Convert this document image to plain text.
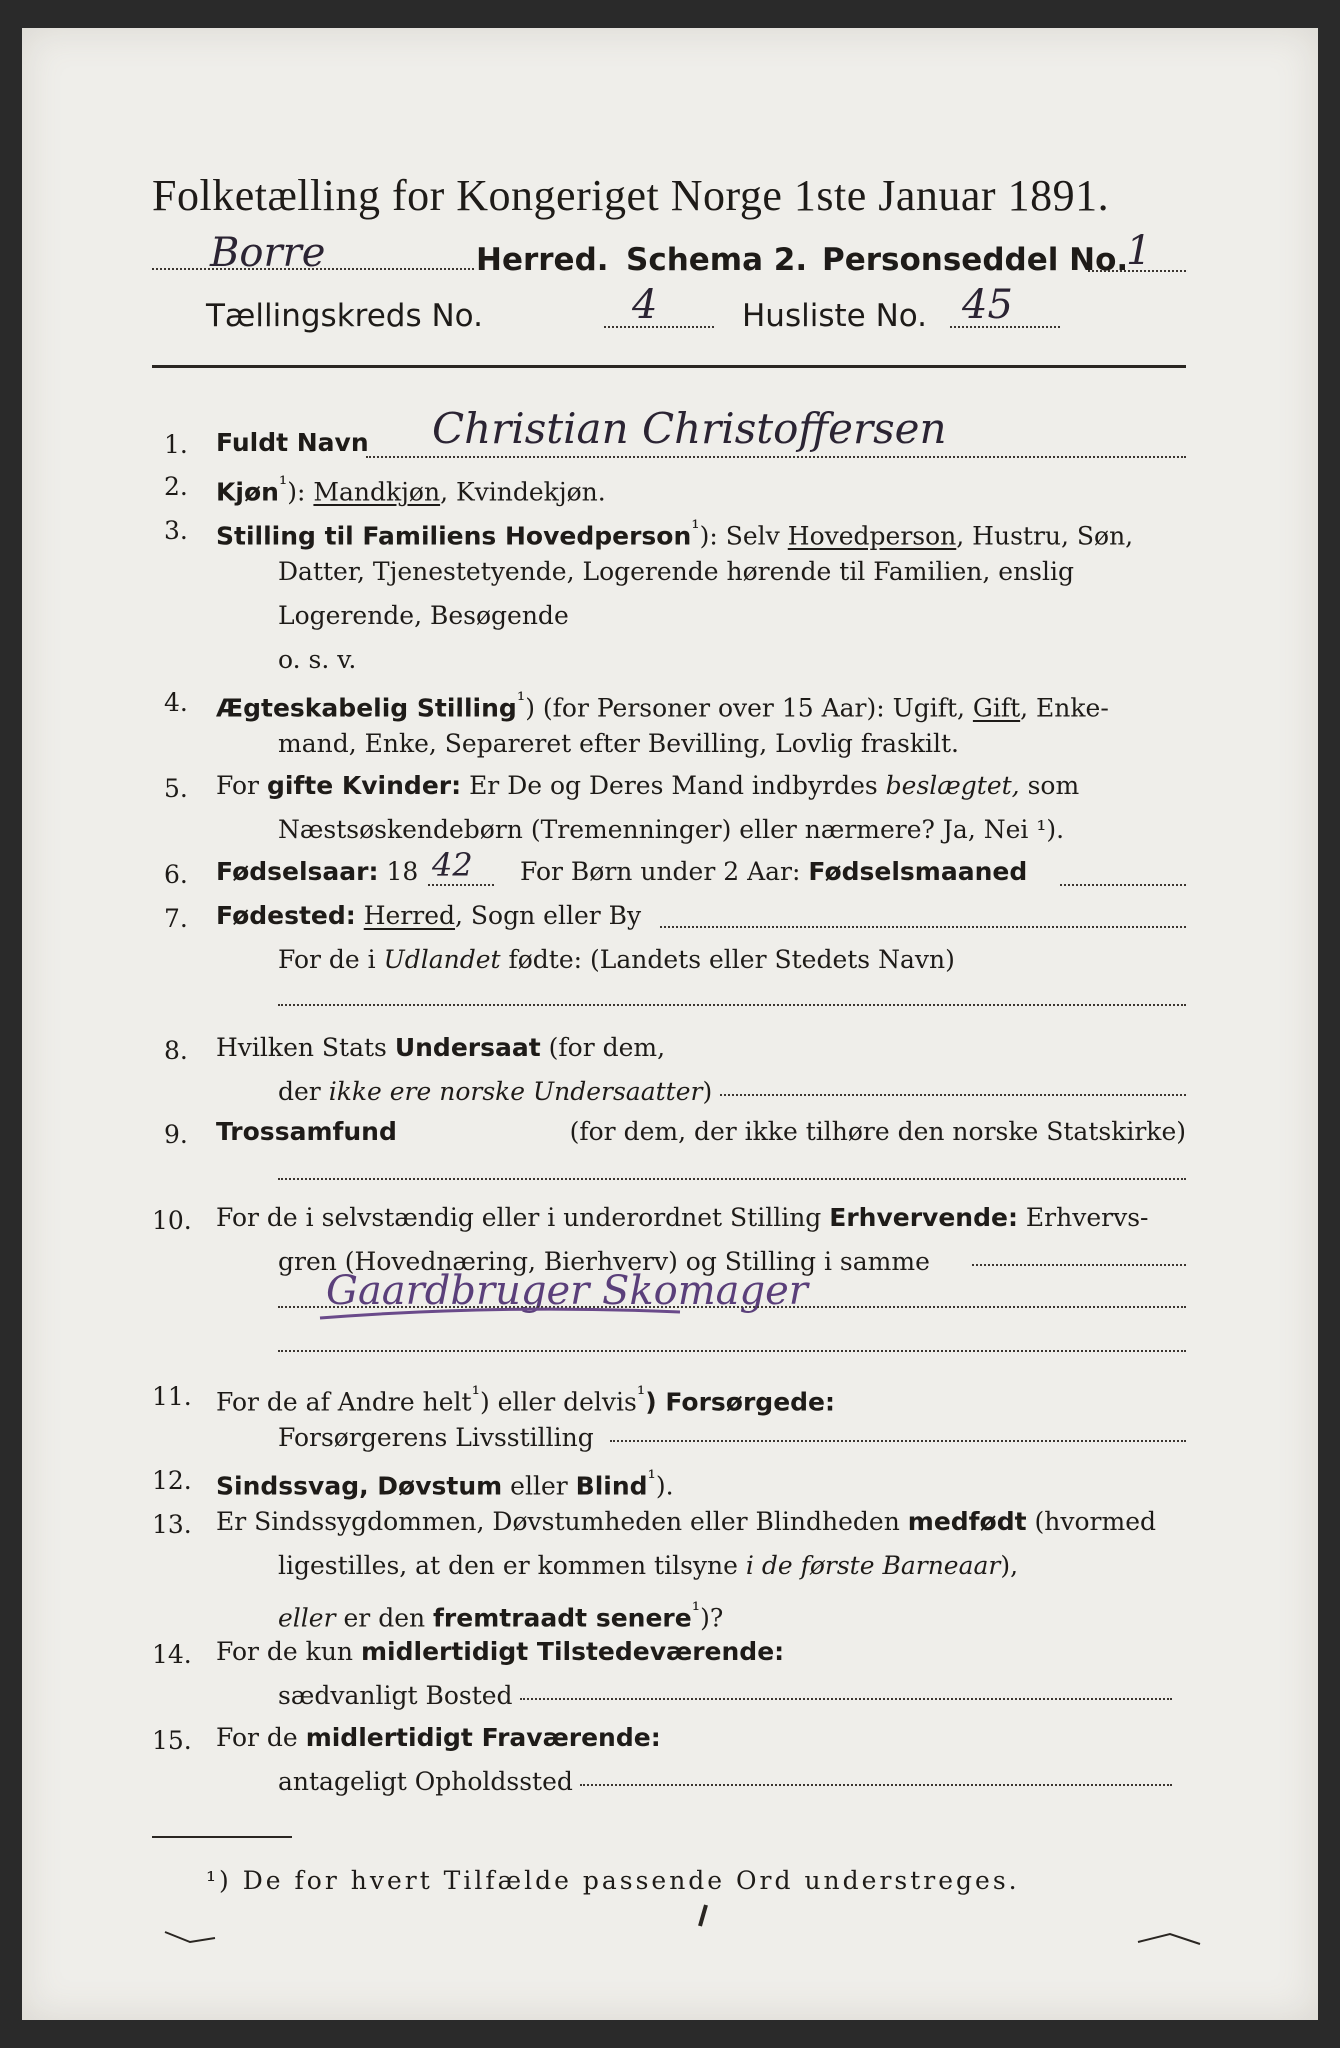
Folketælling for Kongeriget Norge 1ste Januar 1891.
Borre	Herred. Schema 2. Personseddel No.
1
Tællingskreds No.	4	Husliste No. 45
1.	Fuldt Navn Christian Christoffersen
2.	Kjøn$^{^1}$): Mandkjøn, Kvindekjøn.
3.	Stilling til Familiens Hovedperson$^{^1}$): Selv Hovedperson, Hustru, Søn,
Datter, Tjenestetyende, Logerende hørende til Familien, enslig
Logerende, Besøgende
o. s. v.
4.	Ægteskabelig Stilling$^{^1}$) (for Personer over 15 Aar): Ugift, Gift, Enke-
mand, Enke, Separeret efter Bevilling, Lovlig fraskilt.
5.	For gifte Kvinder: Er De og Deres Mand indbyrdes beslægtet, som
Næstsøskendebørn (Tremenninger) eller nærmere? Ja, Nei ¹).
6.	Fødselsaar: 18 42 For Børn under 2 Aar: Fødselsmaaned
7.	Fødested: Herred, Sogn eller By
For de i Udlandet fødte: (Landets eller Stedets Navn)
8.	Hvilken Stats Undersaat (for dem,
der ikke ere norske Undersaatter)
9.	Trossamfund	(for dem, der ikke tilhøre den norske Statskirke)
10. For de i selvstændig eller i underordnet Stilling Erhvervende: Erhvervs-
gren (Hovednæring, Bierhverv) og Stilling i samme
Gaardbruger Skomager
11. For de af Andre helt$^{^1}$) eller delvis$^{^1}$) Forsørgede:
Forsørgerens Livsstilling
12. Sindssvag, Døvstum eller Blind$^{^1}$).
13. Er Sindssygdommen, Døvstumheden eller Blindheden medfødt (hvormed
ligestilles, at den er kommen tilsyne i de første Barneaar),
eller er den fremtraadt senere$^{^1}$)?
14. For de kun midlertidigt Tilstedeværende:
sædvanligt Bosted
15. For de midlertidigt Fraværende:
antageligt Opholdssted
¹) De for hvert Tilfælde passende Ord understreges.
